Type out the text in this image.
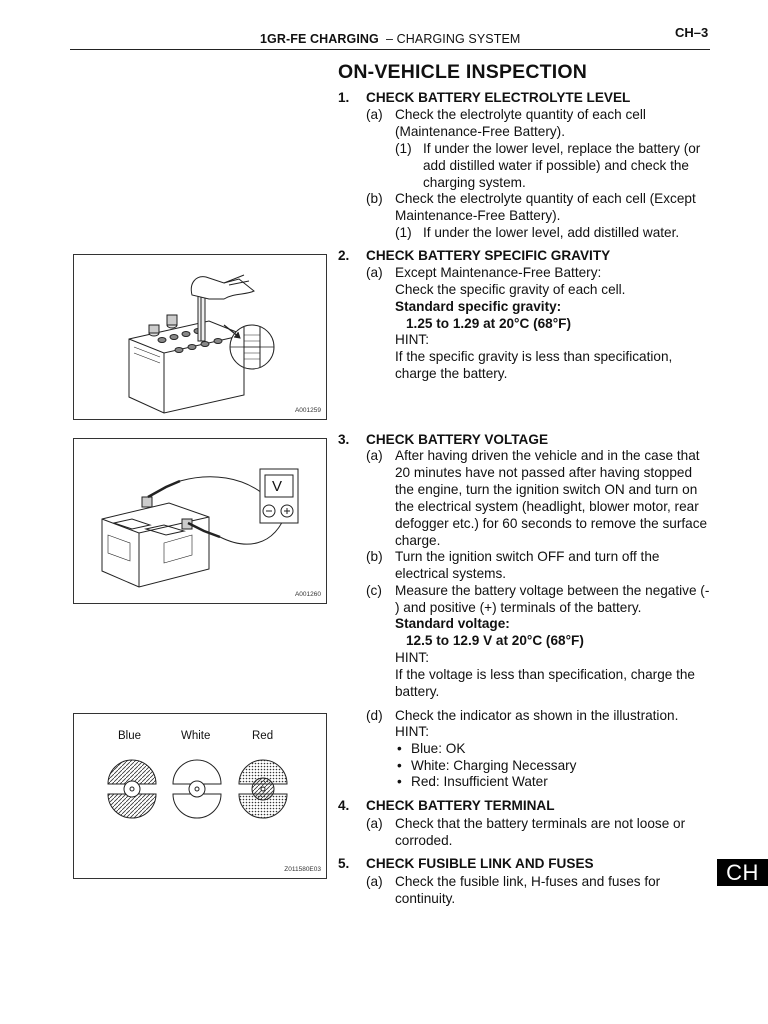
1GR-FE CHARGING – CHARGING SYSTEM	CH–3
ON-VEHICLE INSPECTION
1. CHECK BATTERY ELECTROLYTE LEVEL
(a) Check the electrolyte quantity of each cell
(Maintenance-Free Battery).
(1) If under the lower level, replace the battery (or
add distilled water if possible) and check the
charging system.
(b) Check the electrolyte quantity of each cell (Except
Maintenance-Free Battery).
(1) If under the lower level, add distilled water.
2. CHECK BATTERY SPECIFIC GRAVITY
(a) Except Maintenance-Free Battery:
Check the specific gravity of each cell.
Standard specific gravity:
1.25 to 1.29 at 20°C (68°F)
HINT:
If the specific gravity is less than specification,
charge the battery.
3. CHECK BATTERY VOLTAGE
(a) After having driven the vehicle and in the case that
20 minutes have not passed after having stopped
the engine, turn the ignition switch ON and turn on
the electrical system (headlight, blower motor, rear
defogger etc.) for 60 seconds to remove the surface
charge.
(b) Turn the ignition switch OFF and turn off the
electrical systems.
(c) Measure the battery voltage between the negative (-
) and positive (+) terminals of the battery.
Standard voltage:
12.5 to 12.9 V at 20°C (68°F)
HINT:
If the voltage is less than specification, charge the
battery.
(d) Check the indicator as shown in the illustration.
HINT:
• Blue: OK
• White: Charging Necessary
• Red: Insufficient Water
4. CHECK BATTERY TERMINAL
(a) Check that the battery terminals are not loose or
corroded.
5. CHECK FUSIBLE LINK AND FUSES
(a) Check the fusible link, H-fuses and fuses for
continuity.
A001259
V
A001260
Blue	White	Red
Z011580E03	CH
